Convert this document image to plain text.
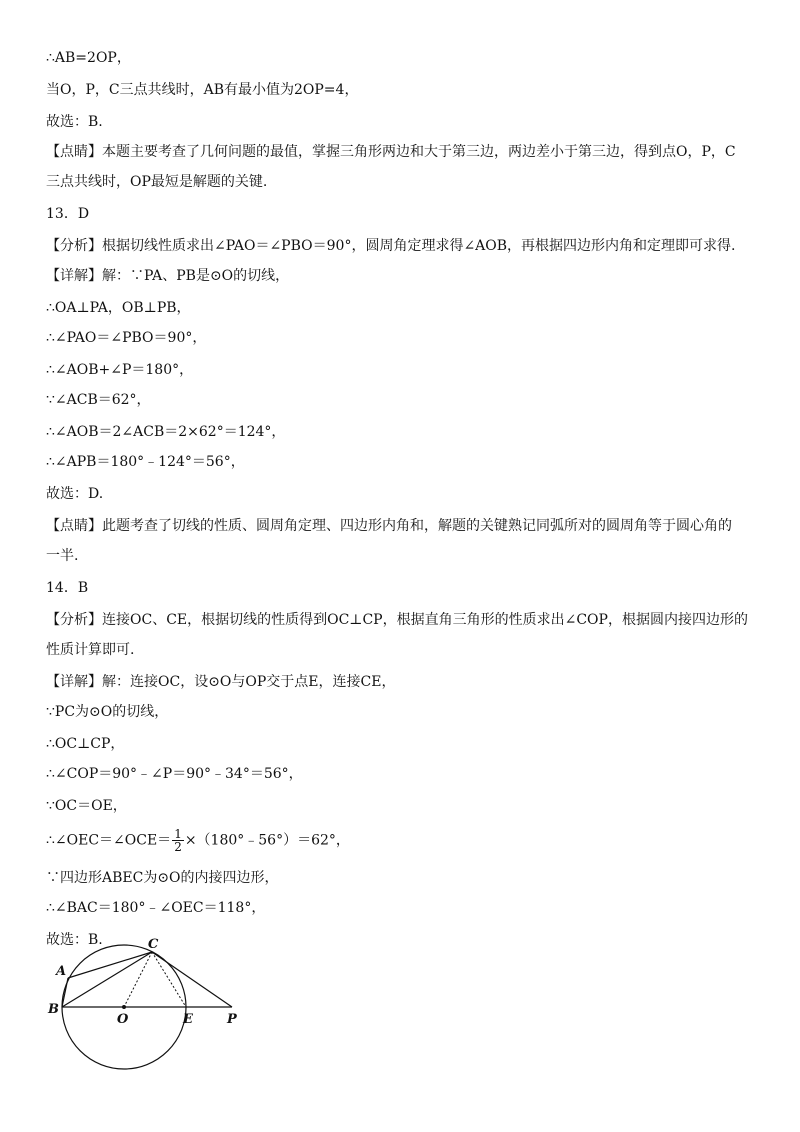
∴AB=2OP，
当O，P，C三点共线时，AB有最小值为2OP=4，
故选：B.
【点睛】本题主要考查了几何问题的最值，掌握三角形两边和大于第三边，两边差小于第三边，得到点O，P，C
三点共线时，OP最短是解题的关键.
13．D
【分析】根据切线性质求出∠PAO＝∠PBO＝90°，圆周角定理求得∠AOB，再根据四边形内角和定理即可求得.
【详解】解：∵PA、PB是⊙O的切线，
∴OA⊥PA，OB⊥PB，
∴∠PAO＝∠PBO＝90°，
∴∠AOB+∠P＝180°，
∵∠ACB＝62°，
∴∠AOB＝2∠ACB＝2×62°＝124°，
∴∠APB＝180°﹣124°＝56°，
故选：D.
【点睛】此题考查了切线的性质、圆周角定理、四边形内角和，解题的关键熟记同弧所对的圆周角等于圆心角的
一半.
14．B
【分析】连接OC、CE，根据切线的性质得到OC⊥CP，根据直角三角形的性质求出∠COP，根据圆内接四边形的
性质计算即可.
【详解】解：连接OC，设⊙O与OP交于点E，连接CE，
∵PC为⊙O的切线，
∴OC⊥CP，
∴∠COP＝90°﹣∠P＝90°﹣34°＝56°，
∵OC＝OE，
∴∠OEC＝∠OCE＝ $\frac{1}{2}$ ×（180°﹣56°）＝62°，
∵四边形ABEC为⊙O的内接四边形，
∴∠BAC＝180°﹣∠OEC＝118°，
故选：B.	C
A
B
O	E	P
